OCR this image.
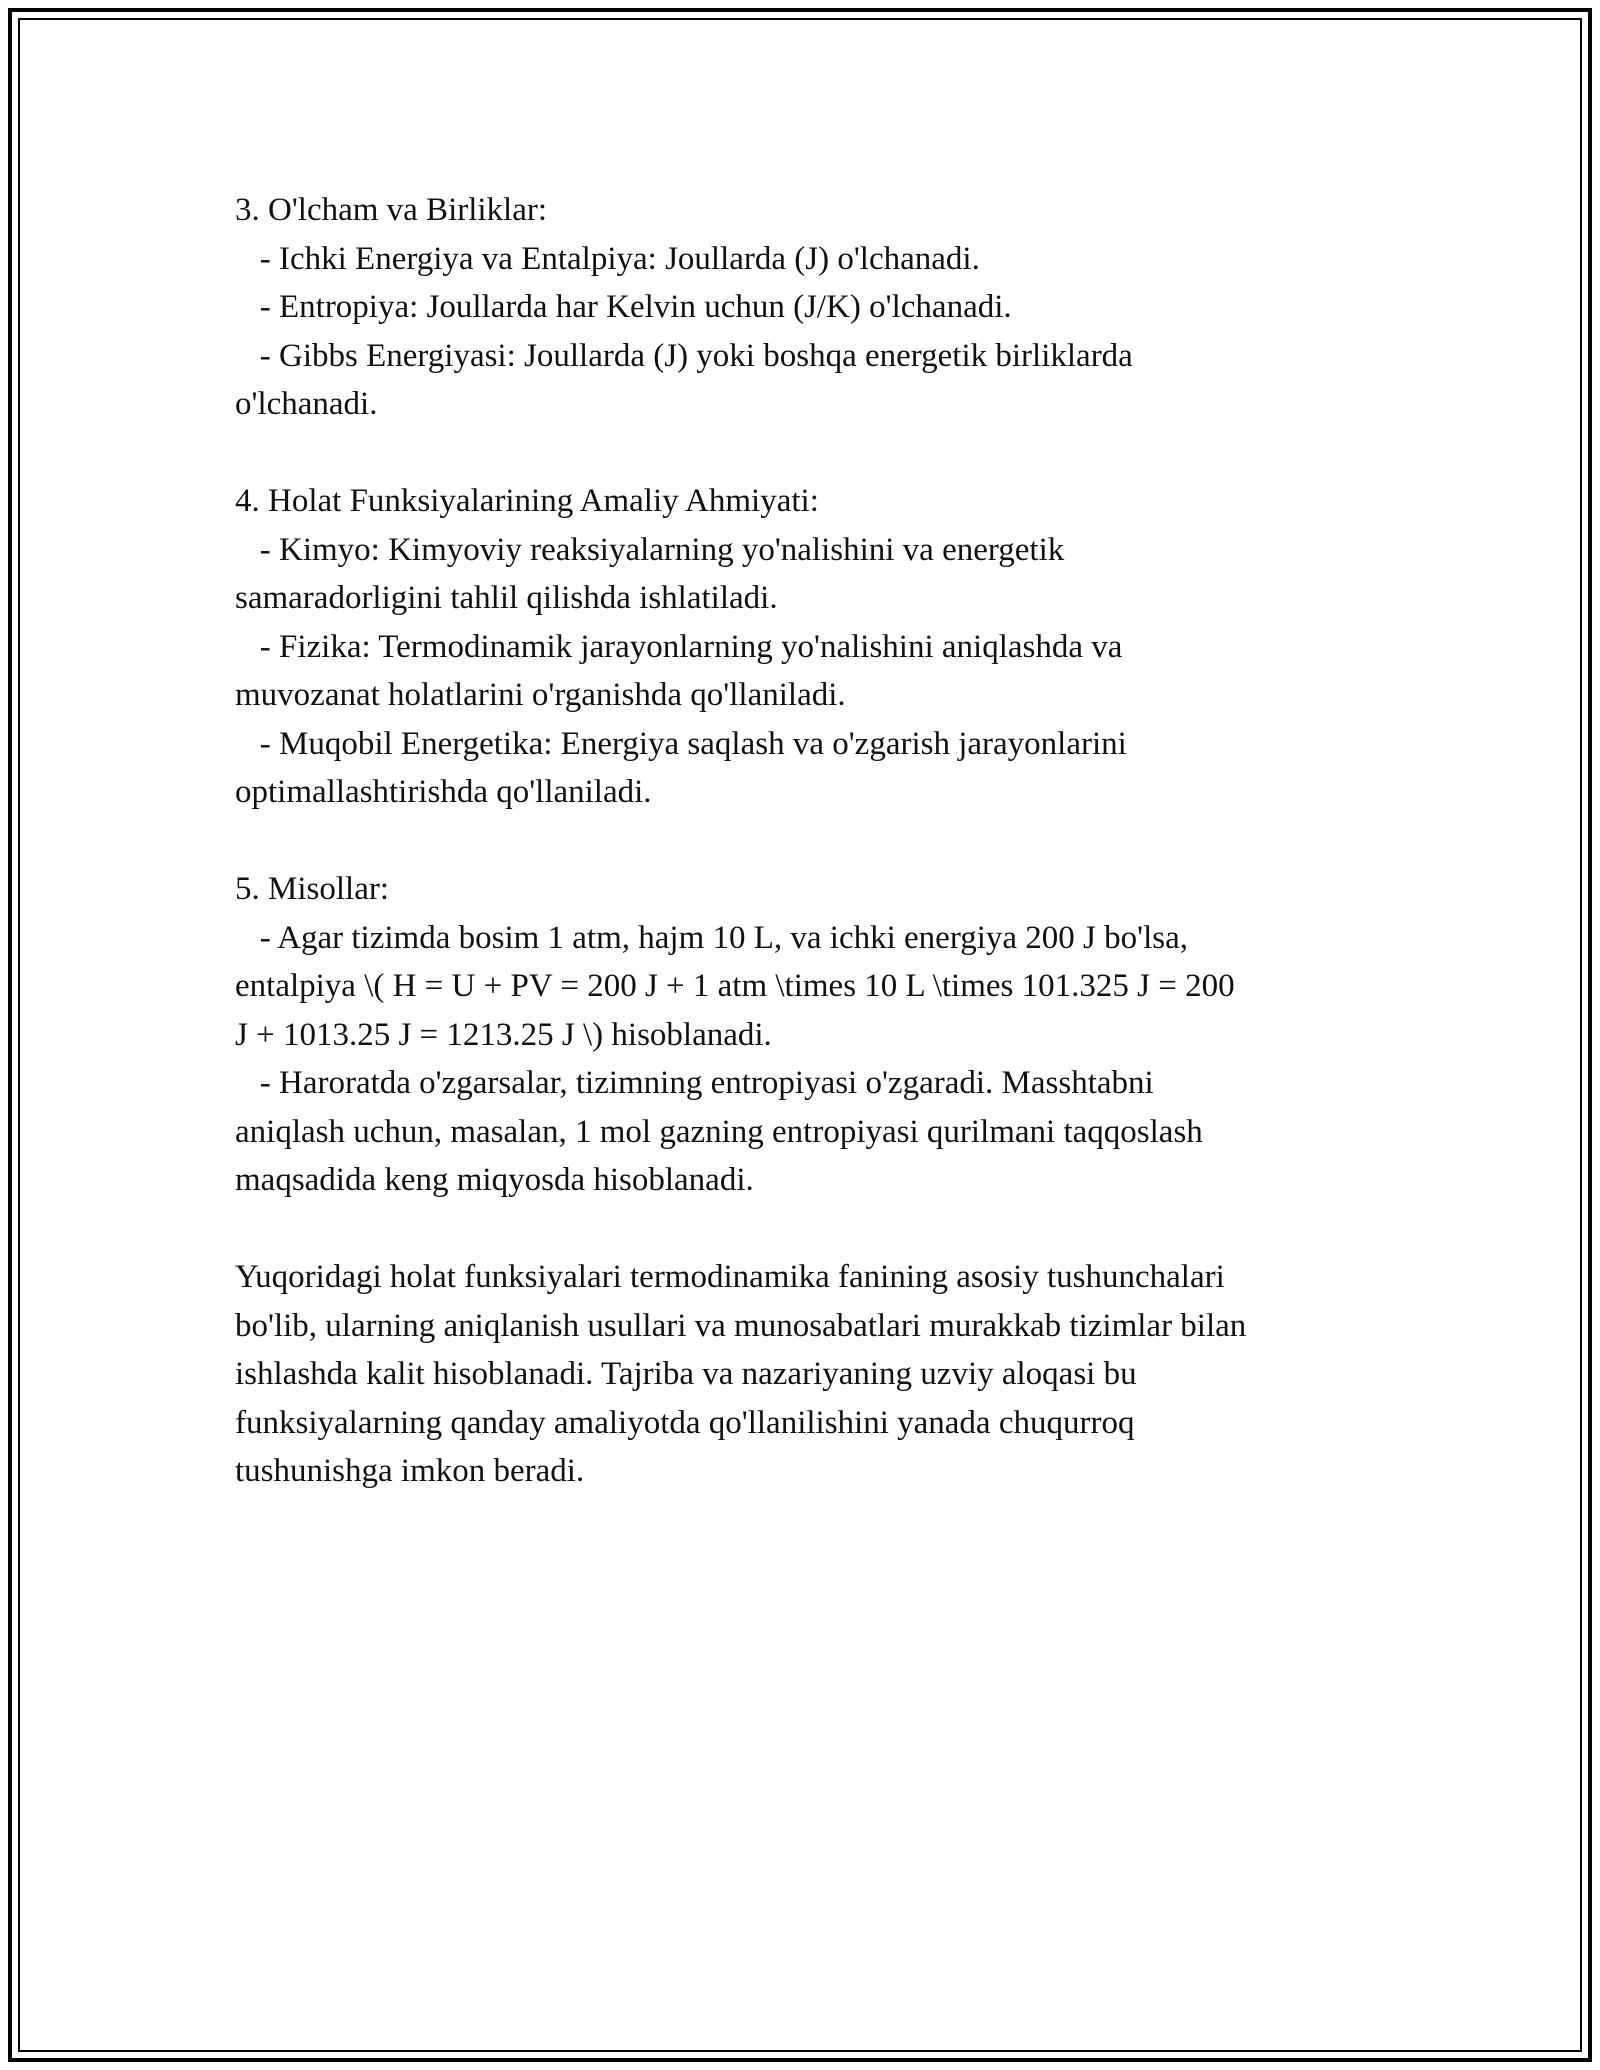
3. O'lcham va Birliklar:
- Ichki Energiya va Entalpiya: Joullarda (J) o'lchanadi.
- Entropiya: Joullarda har Kelvin uchun (J/K) o'lchanadi.
- Gibbs Energiyasi: Joullarda (J) yoki boshqa energetik birliklarda
o'lchanadi.
4. Holat Funksiyalarining Amaliy Ahmiyati:
- Kimyo: Kimyoviy reaksiyalarning yo'nalishini va energetik
samaradorligini tahlil qilishda ishlatiladi.
- Fizika: Termodinamik jarayonlarning yo'nalishini aniqlashda va
muvozanat holatlarini o'rganishda qo'llaniladi.
- Muqobil Energetika: Energiya saqlash va o'zgarish jarayonlarini
optimallashtirishda qo'llaniladi.
5. Misollar:
- Agar tizimda bosim 1 atm, hajm 10 L, va ichki energiya 200 J bo'lsa,
entalpiya \( H = U + PV = 200 J + 1 atm \times 10 L \times 101.325 J = 200
J + 1013.25 J = 1213.25 J \) hisoblanadi.
- Haroratda o'zgarsalar, tizimning entropiyasi o'zgaradi. Masshtabni
aniqlash uchun, masalan, 1 mol gazning entropiyasi qurilmani taqqoslash
maqsadida keng miqyosda hisoblanadi.
Yuqoridagi holat funksiyalari termodinamika fanining asosiy tushunchalari
bo'lib, ularning aniqlanish usullari va munosabatlari murakkab tizimlar bilan
ishlashda kalit hisoblanadi. Tajriba va nazariyaning uzviy aloqasi bu
funksiyalarning qanday amaliyotda qo'llanilishini yanada chuqurroq
tushunishga imkon beradi.
